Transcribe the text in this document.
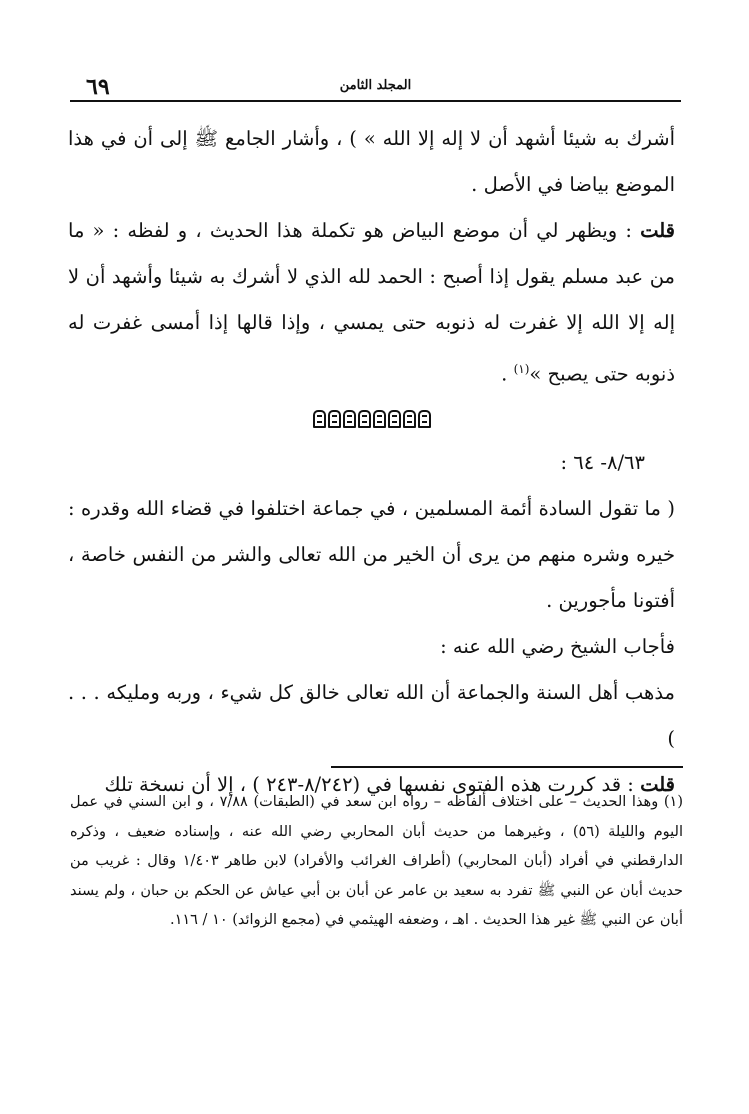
المجلد الثامن
٦٩

أشرك به شيئا أشهد أن لا إله إلا الله » ) ، وأشار الجامع ﷺ إلى أن في هذا الموضع بياضا في الأصل .

قلت : ويظهر لي أن موضع البياض هو تكملة هذا الحديث ، و لفظه : « ما من عبد مسلم يقول إذا أصبح : الحمد لله الذي لا أشرك به شيئا وأشهد أن لا إله إلا الله إلا غفرت له ذنوبه حتى يمسي ، وإذا قالها إذا أمسى غفرت له ذنوبه حتى يصبح »$^{(١)}$ .

٨/٦٣- ٦٤ :

( ما تقول السادة أئمة المسلمين ، في جماعة اختلفوا في قضاء الله وقدره : خيره وشره منهم من يرى أن الخير من الله تعالى والشر من النفس خاصة ، أفتونا مأجورين .

فأجاب الشيخ رضي الله عنه :

مذهب أهل السنة والجماعة أن الله تعالى خالق كل شيء ، وربه ومليكه . . . )

قلت : قد كررت هذه الفتوى نفسها في (٨/٢٤٢-٢٤٣ ) ، إلا أن نسخة تلك

(١) وهذا الحديث – على اختلاف ألفاظه – رواه ابن سعد في (الطبقات) ٧/٨٨ ، و ابن السني في عمل اليوم والليلة (٥٦) ، وغيرهما من حديث أبان المحاربي رضي الله عنه ، وإسناده ضعيف ، وذكره الدارقطني في أفراد (أبان المحاربي) (أطراف الغرائب والأفراد) لابن طاهر ١/٤٠٣ وقال : غريب من حديث أبان عن النبي ﷺ تفرد به سعيد بن عامر عن أبان بن أبي عياش عن الحكم بن حبان ، ولم يسند أبان عن النبي ﷺ غير هذا الحديث . اهـ ، وضعفه الهيثمي في (مجمع الزوائد) ١٠ / ١١٦.
